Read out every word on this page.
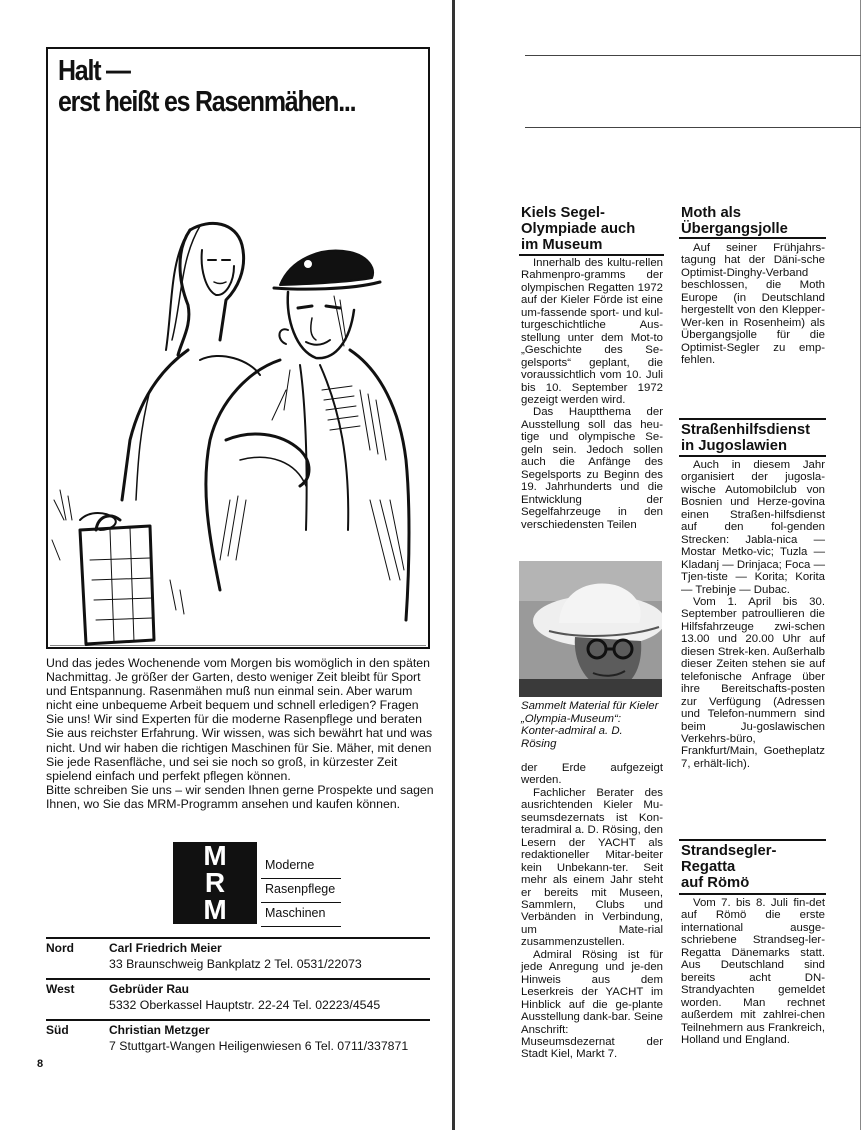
Halt —
erst heißt es Rasenmähen...

Und das jedes Wochenende vom Morgen bis womöglich in den späten Nachmittag. Je größer der Garten, desto weniger Zeit bleibt für Sport und Entspannung. Rasenmähen muß nun einmal sein. Aber warum nicht eine unbequeme Arbeit bequem und schnell erledigen? Fragen Sie uns! Wir sind Experten für die moderne Rasenpflege und beraten Sie aus reichster Erfahrung. Wir wissen, was sich bewährt hat und was nicht. Und wir haben die richtigen Maschinen für Sie. Mäher, mit denen Sie jede Rasenfläche, und sei sie noch so groß, in kürzester Zeit spielend einfach und perfekt pflegen können.

Bitte schreiben Sie uns – wir senden Ihnen gerne Prospekte und sagen Ihnen, wo Sie das MRM-Programm ansehen und kaufen können.

M
R
M
Moderne
Rasenpflege
Maschinen
Nord	Carl Friedrich Meier
33 Braunschweig Bankplatz 2 Tel. 0531/22073
West	Gebrüder Rau
5332 Oberkassel Hauptstr. 22-24 Tel. 02223/4545
Süd	Christian Metzger
7 Stuttgart-Wangen Heiligenwiesen 6 Tel. 0711/337871
8
Kiels Segel-
Olympiade auch
im Museum

Innerhalb des kultu-rellen Rahmenpro-gramms der olympischen Regatten 1972 auf der Kieler Förde ist eine um-fassende sport- und kul-turgeschichtliche Aus-stellung unter dem Mot-to „Geschichte des Se-gelsports“ geplant, die voraussichtlich vom 10. Juli bis 10. September 1972 gezeigt werden wird.

Das Hauptthema der Ausstellung soll das heu-tige und olympische Se-geln sein. Jedoch sollen auch die Anfänge des Segelsports zu Beginn des 19. Jahrhunderts und die Entwicklung der Segelfahrzeuge in den verschiedensten Teilen

Sammelt Material für Kieler „Olympia-Museum“: Konter-admiral a. D. Rösing

der Erde aufgezeigt werden.

Fachlicher Berater des ausrichtenden Kieler Mu-seumsdezernats ist Kon-teradmiral a. D. Rösing, den Lesern der YACHT als redaktioneller Mitar-beiter kein Unbekann-ter. Seit mehr als einem Jahr steht er bereits mit Museen, Sammlern, Clubs und Verbänden in Verbindung, um Mate-rial zusammenzustellen.

Admiral Rösing ist für jede Anregung und je-den Hinweis aus dem Leserkreis der YACHT im Hinblick auf die ge-plante Ausstellung dank-bar. Seine Anschrift: Museumsdezernat der Stadt Kiel, Markt 7.

Moth als
Übergangsjolle

Auf seiner Frühjahrs-tagung hat der Däni-sche Optimist-Dinghy-Verband beschlossen, die Moth Europe (in Deutschland hergestellt von den Klepper-Wer-ken in Rosenheim) als Übergangsjolle für die Optimist-Segler zu emp-fehlen.

Straßenhilfsdienst
in Jugoslawien

Auch in diesem Jahr organisiert der jugosla-wische Automobilclub von Bosnien und Herze-govina einen Straßen-hilfsdienst auf den fol-genden Strecken: Jabla-nica — Mostar Metko-vic; Tuzla — Kladanj — Drinjaca; Foca — Tjen-tiste — Korita; Korita — Trebinje — Dubac.

Vom 1. April bis 30. September patroullieren die Hilfsfahrzeuge zwi-schen 13.00 und 20.00 Uhr auf diesen Strek-ken. Außerhalb dieser Zeiten stehen sie auf telefonische Anfrage über ihre Bereitschafts-posten zur Verfügung (Adressen und Telefon-nummern sind beim Ju-goslawischen Verkehrs-büro, Frankfurt/Main, Goetheplatz 7, erhält-lich).

Strandsegler-
Regatta
auf Römö

Vom 7. bis 8. Juli fin-det auf Römö die erste international ausge-schriebene Strandseg-ler-Regatta Dänemarks statt. Aus Deutschland sind bereits acht DN-Strandyachten gemeldet worden. Man rechnet außerdem mit zahlrei-chen Teilnehmern aus Frankreich, Holland und England.
